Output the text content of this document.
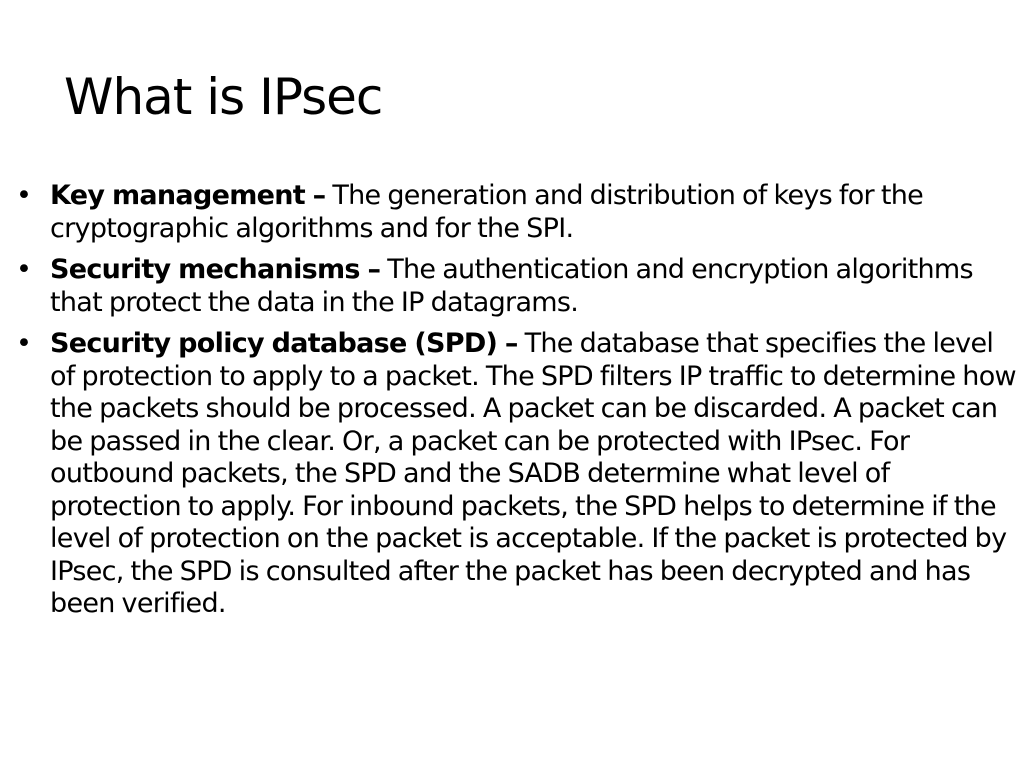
What is IPsec
• Key management – The generation and distribution of keys for the cryptographic algorithms and for the SPI.
• Security mechanisms – The authentication and encryption algorithms that protect the data in the IP datagrams.
• Security policy database (SPD) – The database that specifies the level of protection to apply to a packet. The SPD filters IP traffic to determine how the packets should be processed. A packet can be discarded. A packet can be passed in the clear. Or, a packet can be protected with IPsec. For outbound packets, the SPD and the SADB determine what level of protection to apply. For inbound packets, the SPD helps to determine if the level of protection on the packet is acceptable. If the packet is protected by IPsec, the SPD is consulted after the packet has been decrypted and has been verified.
